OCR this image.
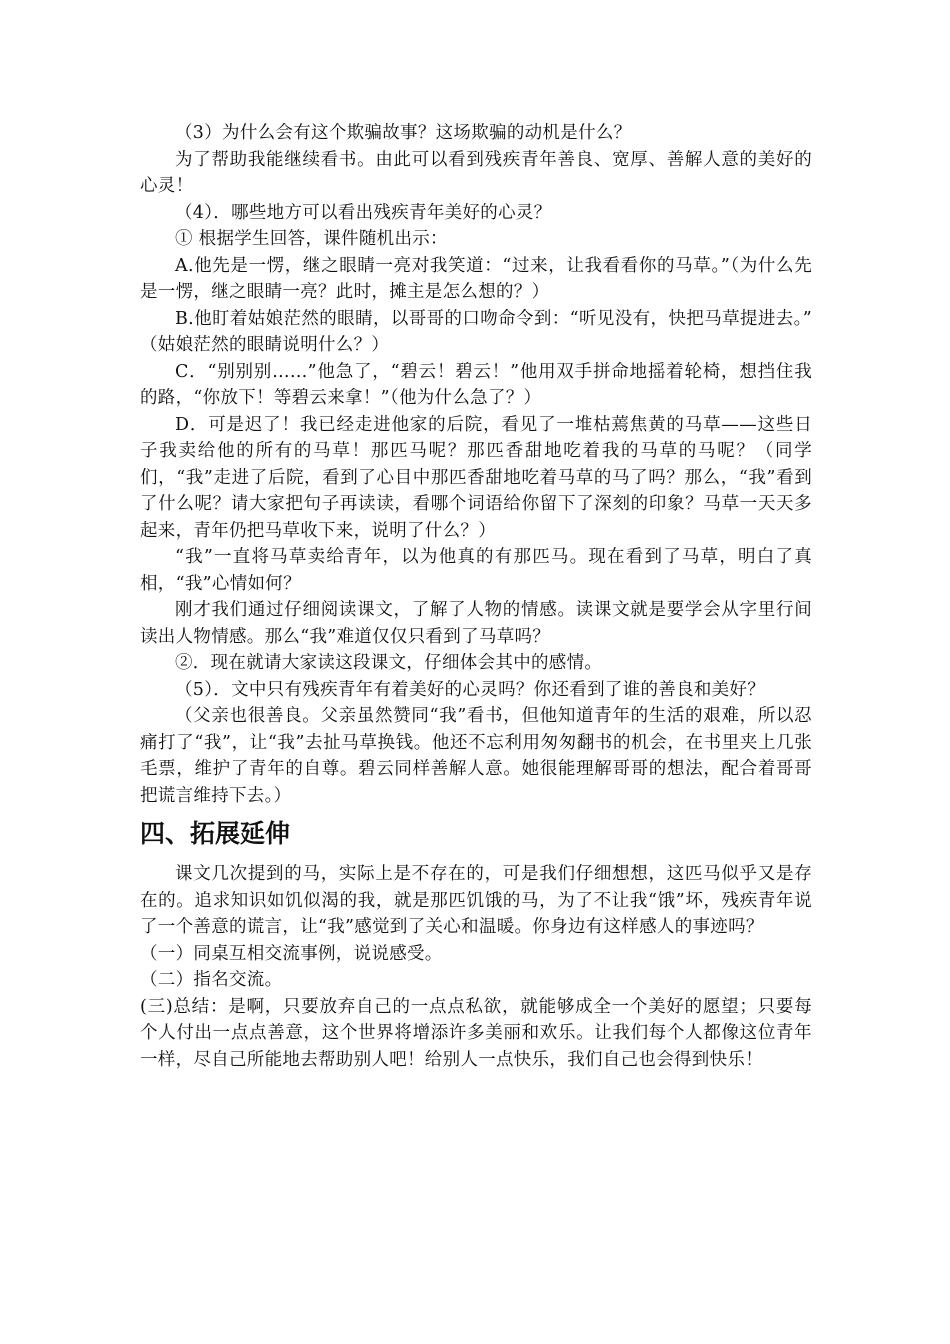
（3）为什么会有这个欺骗故事？这场欺骗的动机是什么？

为了帮助我能继续看书。由此可以看到残疾青年善良、宽厚、善解人意的美好的心灵！

（4）．哪些地方可以看出残疾青年美好的心灵？

① 根据学生回答，课件随机出示：

A.他先是一愣，继之眼睛一亮对我笑道：“过来，让我看看你的马草。”（为什么先是一愣，继之眼睛一亮？此时，摊主是怎么想的？）

B.他盯着姑娘茫然的眼睛，以哥哥的口吻命令到：“听见没有，快把马草提进去。” （姑娘茫然的眼睛说明什么？）

C．“别别别……”他急了，“碧云！碧云！”他用双手拼命地摇着轮椅，想挡住我的路，“你放下！等碧云来拿！”（他为什么急了？）

D．可是迟了！我已经走进他家的后院，看见了一堆枯蔫焦黄的马草——这些日子我卖给他的所有的马草！那匹马呢？那匹香甜地吃着我的马草的马呢？（同学们，“我”走进了后院，看到了心目中那匹香甜地吃着马草的马了吗？那么，“我”看到了什么呢？请大家把句子再读读，看哪个词语给你留下了深刻的印象？马草一天天多起来，青年仍把马草收下来，说明了什么？）

“我”一直将马草卖给青年，以为他真的有那匹马。现在看到了马草，明白了真相，“我”心情如何？

刚才我们通过仔细阅读课文，了解了人物的情感。读课文就是要学会从字里行间读出人物情感。那么“我”难道仅仅只看到了马草吗？

②．现在就请大家读这段课文，仔细体会其中的感情。

（5）．文中只有残疾青年有着美好的心灵吗？你还看到了谁的善良和美好？

（父亲也很善良。父亲虽然赞同“我”看书，但他知道青年的生活的艰难，所以忍痛打了“我”，让“我”去扯马草换钱。他还不忘利用匆匆翻书的机会，在书里夹上几张毛票，维护了青年的自尊。碧云同样善解人意。她很能理解哥哥的想法，配合着哥哥把谎言维持下去。）

四、拓展延伸

课文几次提到的马，实际上是不存在的，可是我们仔细想想，这匹马似乎又是存在的。追求知识如饥似渴的我，就是那匹饥饿的马，为了不让我“饿”坏，残疾青年说了一个善意的谎言，让“我”感觉到了关心和温暖。你身边有这样感人的事迹吗？

（一）同桌互相交流事例，说说感受。

（二）指名交流。

(三)总结：是啊，只要放弃自己的一点点私欲，就能够成全一个美好的愿望；只要每个人付出一点点善意，这个世界将增添许多美丽和欢乐。让我们每个人都像这位青年一样，尽自己所能地去帮助别人吧！给别人一点快乐，我们自己也会得到快乐！
